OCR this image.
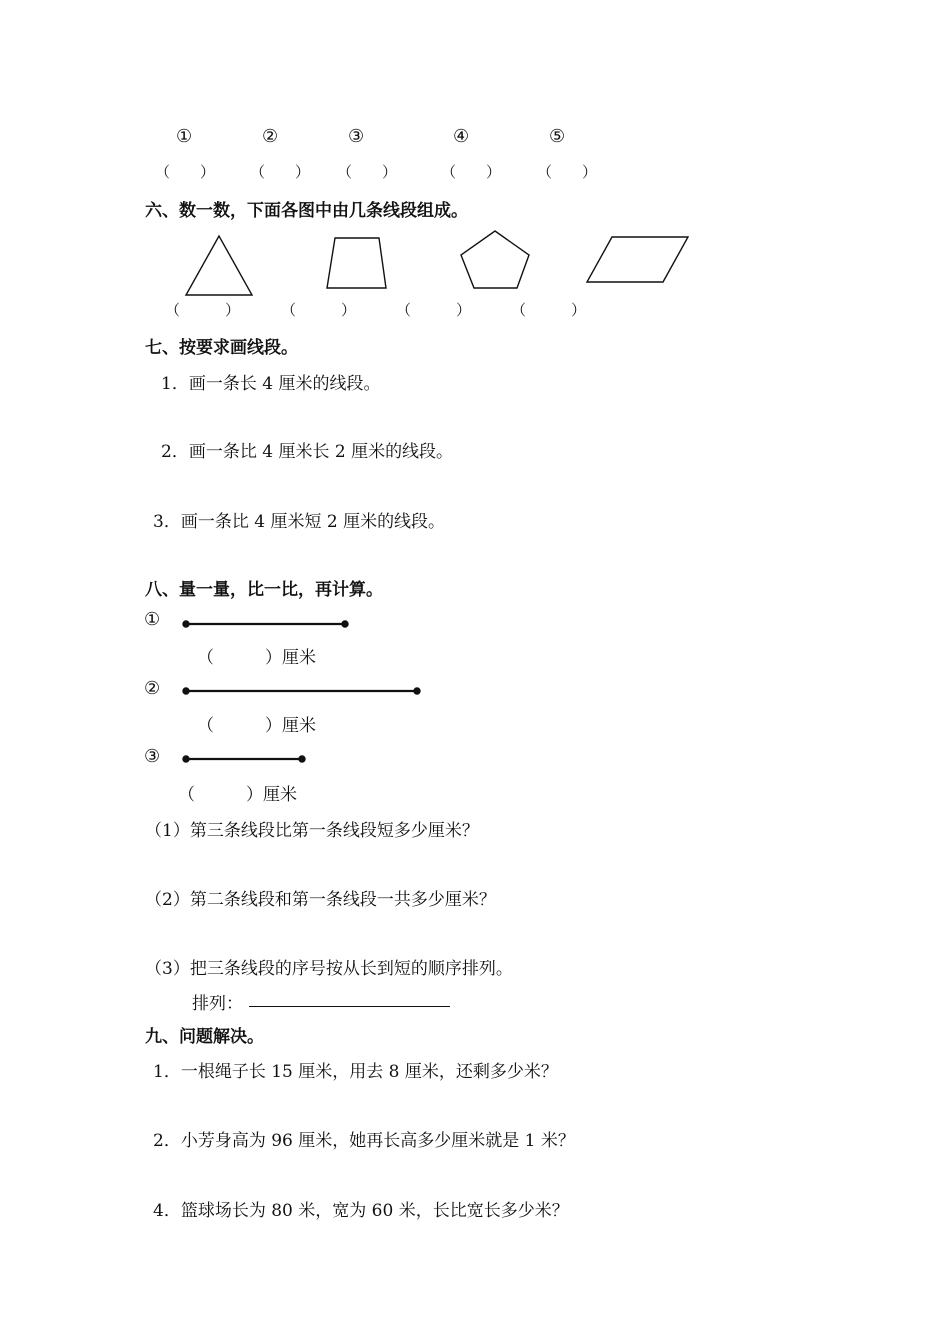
①	②	③	④	⑤
（　　） （　　） （　　）	（　　） （　　）
六、数一数，下面各图中由几条线段组成。
（　　　）	（　　　）	（　　　）	（　　　）
七、按要求画线段。
1．画一条长 4 厘米的线段。
2．画一条比 4 厘米长 2 厘米的线段。
3．画一条比 4 厘米短 2 厘米的线段。
八、量一量，比一比，再计算。
①
（　　　）厘米
②
（　　　）厘米
③
（　　　）厘米
（1）第三条线段比第一条线段短多少厘米？
（2）第二条线段和第一条线段一共多少厘米？
（3）把三条线段的序号按从长到短的顺序排列。
排列：
九、问题解决。
1．一根绳子长 15 厘米，用去 8 厘米，还剩多少米？
2．小芳身高为 96 厘米，她再长高多少厘米就是 1 米？
4．篮球场长为 80 米，宽为 60 米，长比宽长多少米？
